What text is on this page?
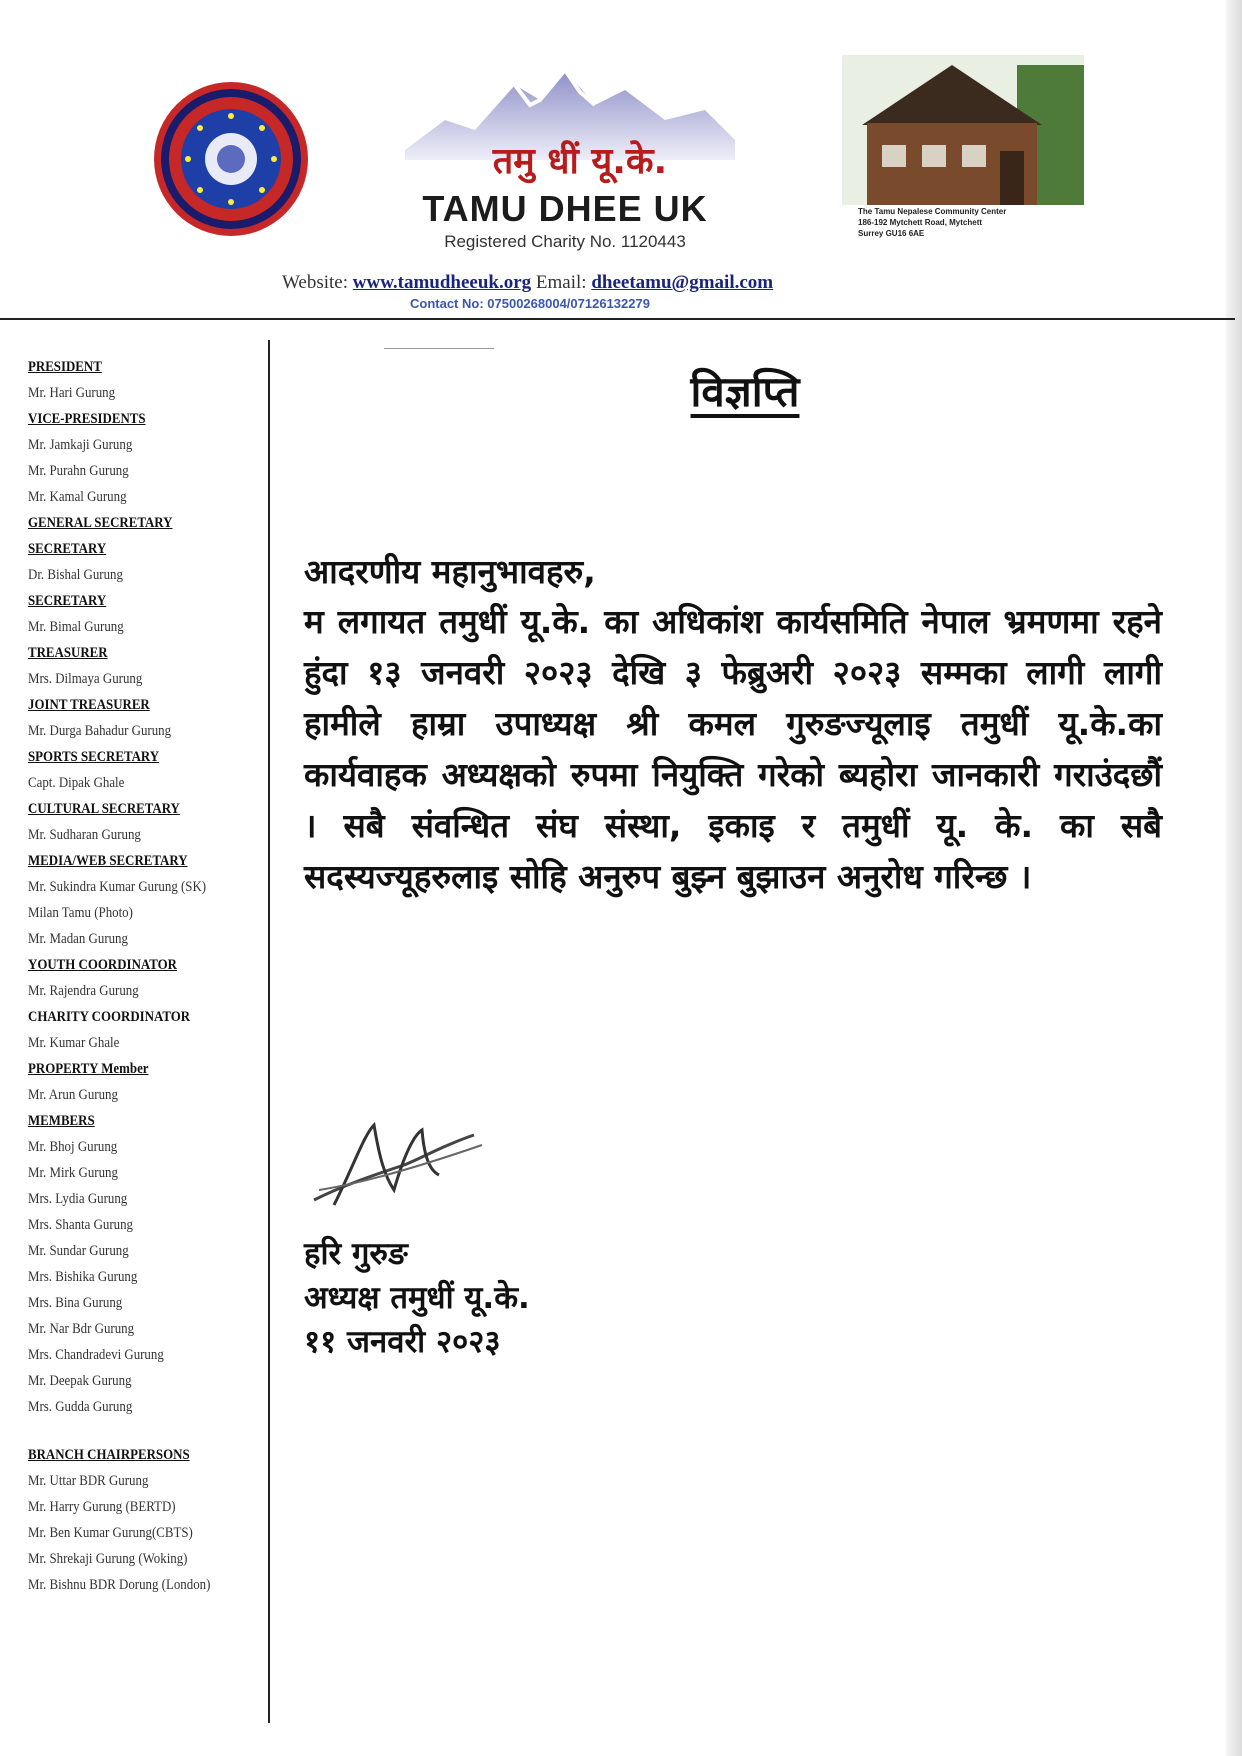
तमु धीं यू.के.
TAMU DHEE UK
Registered Charity No. 1120443
The Tamu Nepalese Community Center
186-192 Mytchett Road, Mytchett
Surrey GU16 6AE
Website: www.tamudheeuk.org Email: dheetamu@gmail.com
Contact No: 07500268004/07126132279
PRESIDENT
Mr. Hari Gurung
VICE-PRESIDENTS
Mr. Jamkaji Gurung
Mr. Purahn Gurung
Mr. Kamal Gurung
GENERAL SECRETARY
SECRETARY
Dr. Bishal Gurung
SECRETARY
Mr. Bimal Gurung
TREASURER
Mrs. Dilmaya Gurung
JOINT TREASURER
Mr. Durga Bahadur Gurung
SPORTS SECRETARY
Capt. Dipak Ghale
CULTURAL SECRETARY
Mr. Sudharan Gurung
MEDIA/WEB SECRETARY
Mr. Sukindra Kumar Gurung (SK)
Milan Tamu (Photo)
Mr. Madan Gurung
YOUTH COORDINATOR
Mr. Rajendra Gurung
CHARITY COORDINATOR
Mr. Kumar Ghale
PROPERTY Member
Mr. Arun Gurung
MEMBERS
Mr. Bhoj Gurung
Mr. Mirk Gurung
Mrs. Lydia Gurung
Mrs. Shanta Gurung
Mr. Sundar Gurung
Mrs. Bishika Gurung
Mrs. Bina Gurung
Mr. Nar Bdr Gurung
Mrs. Chandradevi Gurung
Mr. Deepak Gurung
Mrs. Gudda Gurung
BRANCH CHAIRPERSONS
Mr. Uttar BDR Gurung
Mr. Harry Gurung (BERTD)
Mr. Ben Kumar Gurung(CBTS)
Mr. Shrekaji Gurung (Woking)
Mr. Bishnu BDR Dorung (London)
विज्ञप्ति
आदरणीय महानुभावहरु,
म लगायत तमुधीं यू.के. का अधिकांश कार्यसमिति नेपाल भ्रमणमा रहने हुंदा १३ जनवरी २०२३ देखि ३ फेब्रुअरी २०२३ सम्मका लागी लागी हामीले हाम्रा उपाध्यक्ष श्री कमल गुरुङज्यूलाइ तमुधीं यू.के.का कार्यवाहक अध्यक्षको रुपमा नियुक्ति गरेको ब्यहोरा जानकारी गराउंदछौं । सबै संवन्धित संघ संस्था, इकाइ र तमुधीं यू. के. का सबै सदस्यज्यूहरुलाइ सोहि अनुरुप बुझ्न बुझाउन अनुरोध गरिन्छ ।
हरि गुरुङ
अध्यक्ष तमुधीं यू.के.
११ जनवरी २०२३
